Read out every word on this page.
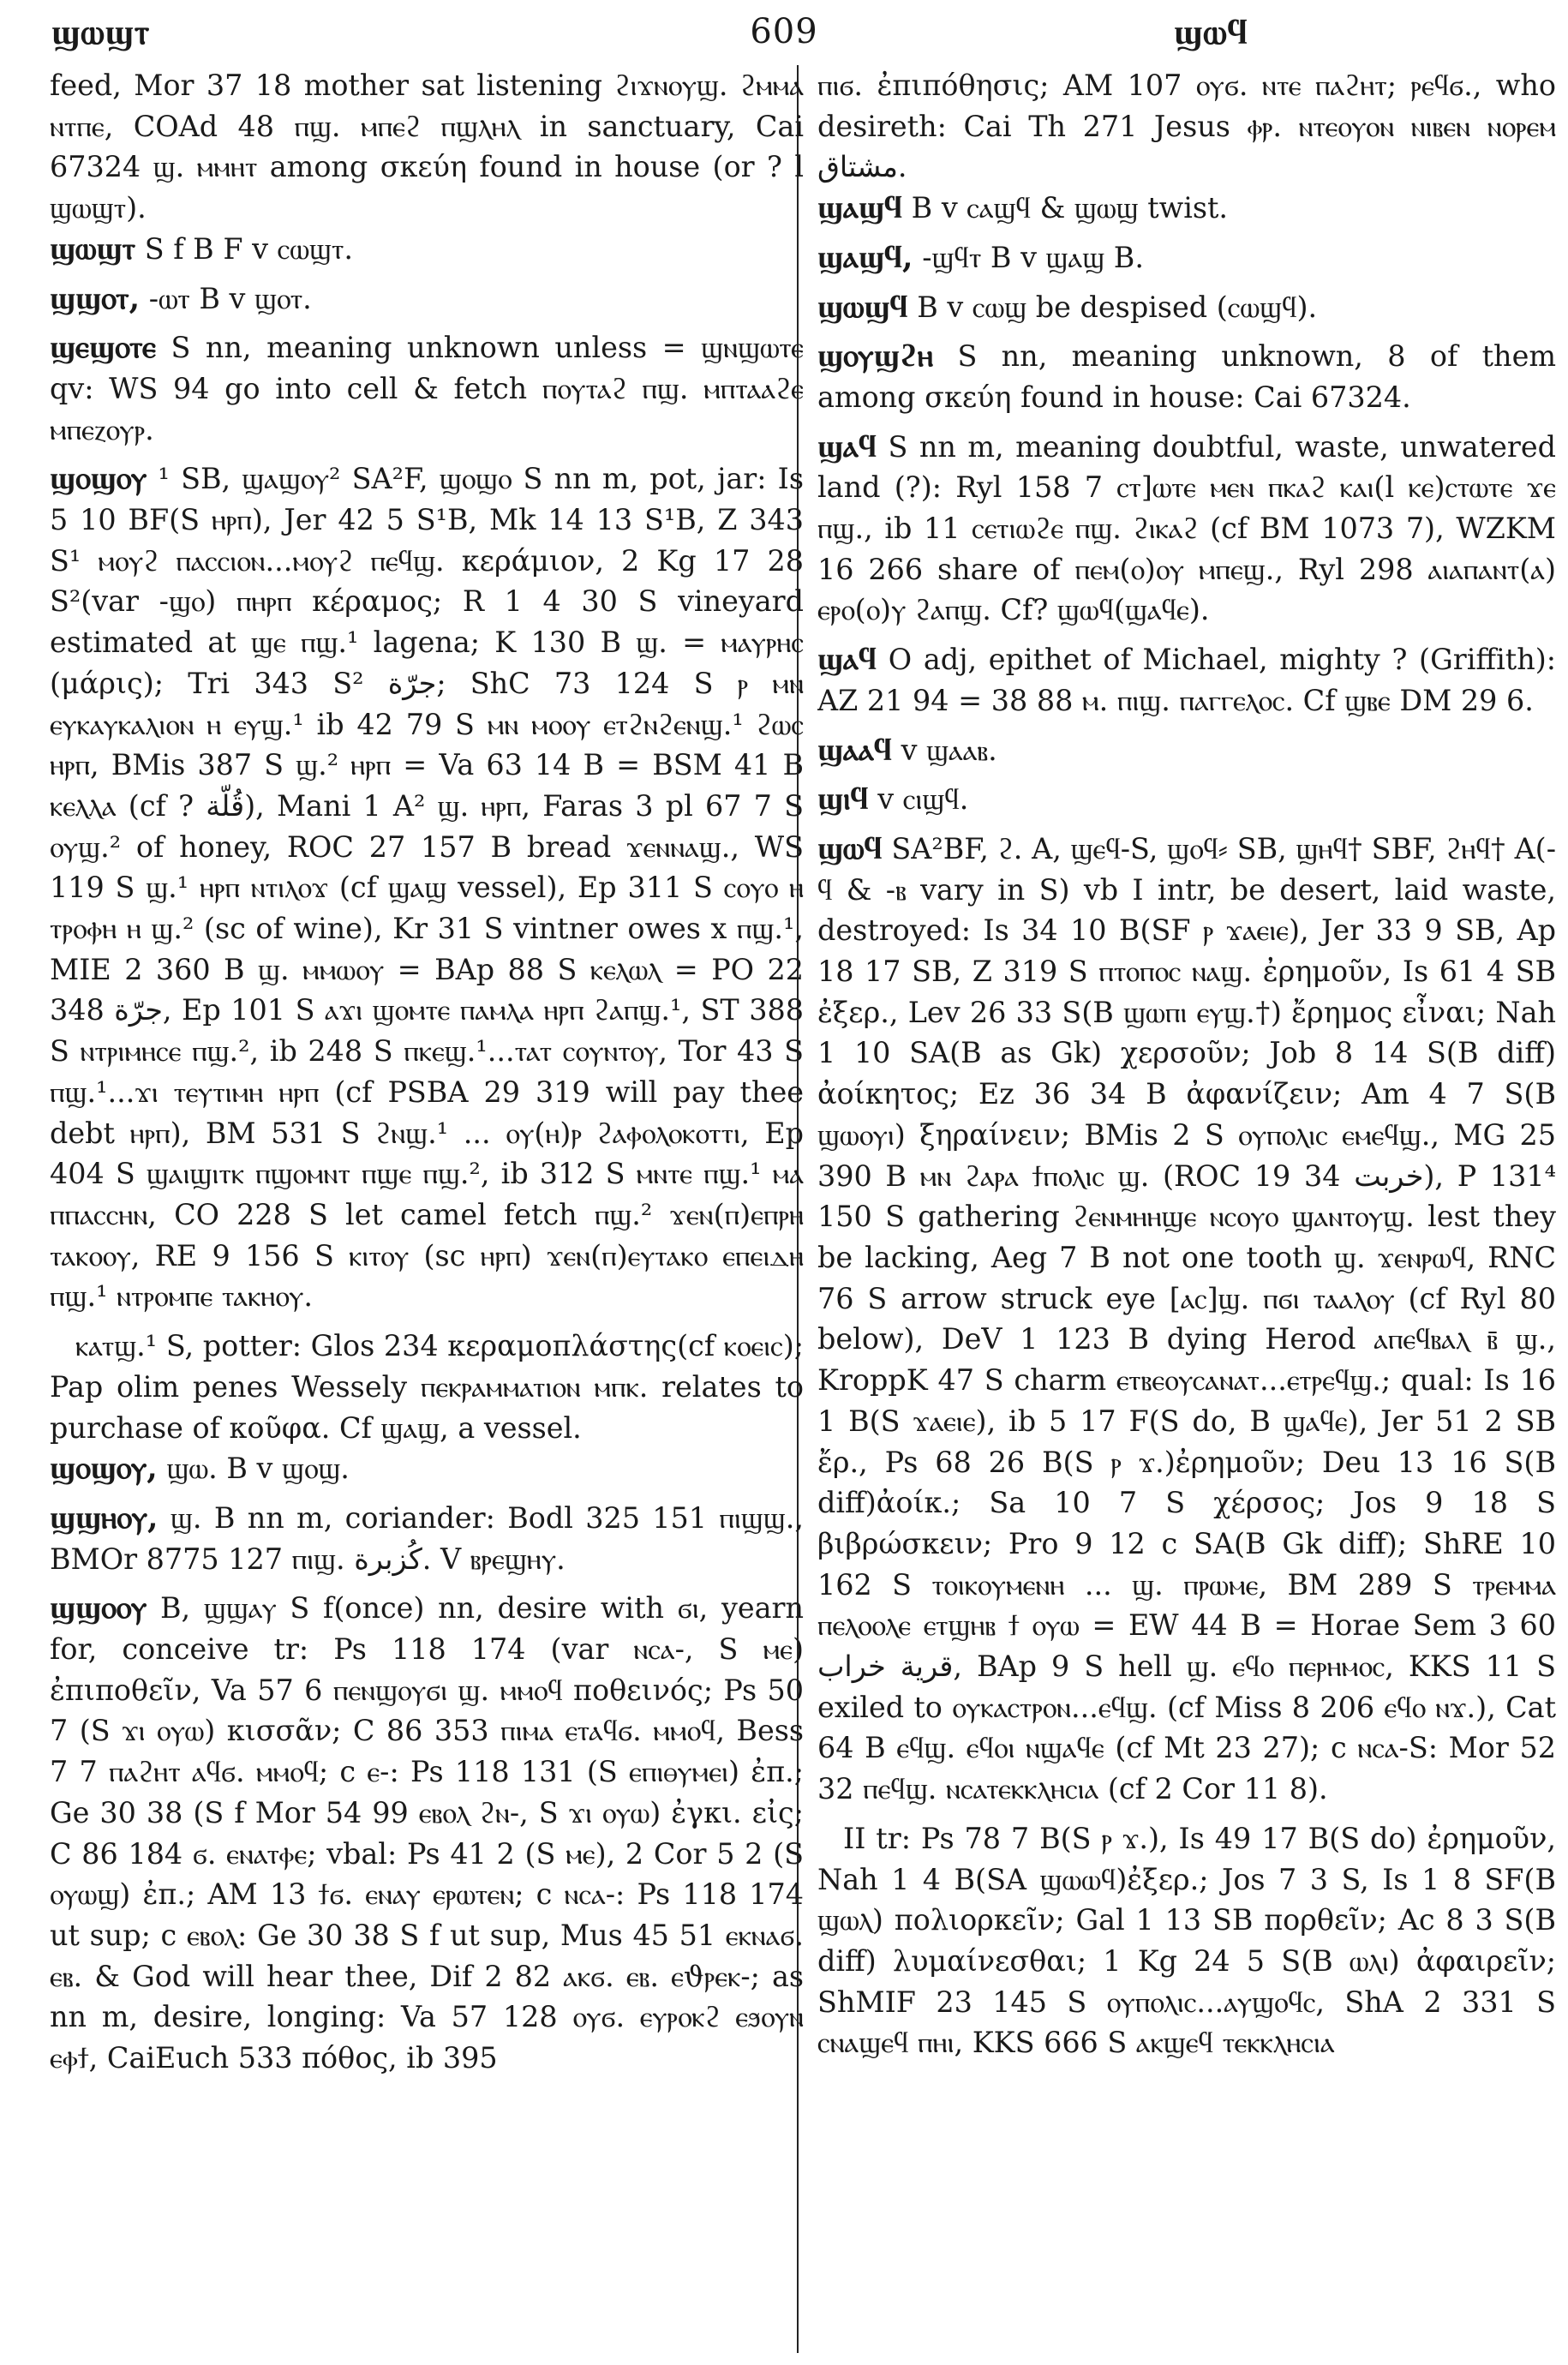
ϣⲱϣⲧ	609	ϣⲱϥ

feed, Mor 37 18 mother sat listening ϩⲓϫⲛⲟⲩϣ. ϩⲙⲙⲁ ⲛⲧⲡⲉ, COAd 48 ⲡϣ. ⲙⲡⲉϩ ⲡϣⲗⲏⲗ in sanctuary, Cai 67324 ϣ. ⲙⲙⲏⲧ among σκεύη found in house (or ? l ϣⲱϣⲧ).

ϣⲱϣⲧ S f B F v ⲥⲱϣⲧ.

ϣϣⲟⲧ, -ⲱⲧ B v ϣⲟⲧ.

ϣⲉϣⲟⲧⲉ S nn, meaning unknown unless = ϣⲛϣⲱⲧⲉ qv: WS 94 go into cell & fetch ⲡⲟⲩⲧⲁϩ ⲡϣ. ⲙⲡⲧⲁⲁϩⲉ ⲙⲡⲉⲍⲟⲩⲣ.

ϣⲟϣⲟⲩ ¹ SB, ϣⲁϣⲟⲩ² SA²F, ϣⲟϣⲟ S nn m, pot, jar: Is 5 10 BF(S ⲏⲣⲡ), Jer 42 5 S¹B, Mk 14 13 S¹B, Z 343 S¹ ⲙⲟⲩϩ ⲡⲁⲥⲥⲓⲟⲛ...ⲙⲟⲩϩ ⲡⲉϥϣ. κεράμιον, 2 Kg 17 28 S²(var -ϣⲟ) ⲡⲏⲣⲡ κέραμος; R 1 4 30 S vineyard estimated at ϣⲉ ⲡϣ.¹ lagena; K 130 B ϣ. = ⲙⲁⲩⲣⲏⲥ (μάρις); Tri 343 S² ﺟﺮّﺓ; ShC 73 124 S ⲣ ⲙⲛ ⲉⲩⲕⲁⲩⲕⲁⲗⲓⲟⲛ ⲏ ⲉⲩϣ.¹ ib 42 79 S ⲙⲛ ⲙⲟⲟⲩ ⲉⲧϩⲛϩⲉⲛϣ.¹ ϩⲱⲥ ⲏⲣⲡ, BMis 387 S ϣ.² ⲏⲣⲡ = Va 63 14 B = BSM 41 B ⲕⲉⲗⲗⲁ (cf ? ﻗُﻠّﺔ), Mani 1 A² ϣ. ⲏⲣⲡ, Faras 3 pl 67 7 S ⲟⲩϣ.² of honey, ROC 27 157 B bread ϫⲉⲛⲛⲁϣ., WS 119 S ϣ.¹ ⲏⲣⲡ ⲛⲧⲓⲗⲟϫ (cf ϣⲁϣ vessel), Ep 311 S ⲥⲟⲩⲟ ⲏ ⲧⲣⲟⲫⲏ ⲏ ϣ.² (sc of wine), Kr 31 S vintner owes x ⲡϣ.¹, MIE 2 360 B ϣ. ⲙⲙⲱⲟⲩ = BAp 88 S ⲕⲉⲗⲱⲗ = PO 22 348 ﺟﺮّﺓ, Ep 101 S ⲁϫⲓ ϣⲟⲙⲧⲉ ⲡⲁⲙⲗⲁ ⲏⲣⲡ ϩⲁⲡϣ.¹, ST 388 S ⲛⲧⲣⲓⲙⲏⲥⲉ ⲡϣ.², ib 248 S ⲡⲕⲉϣ.¹...ⲧⲁⲧ ⲥⲟⲩⲛⲧⲟⲩ, Tor 43 S ⲡϣ.¹...ϫⲓ ⲧⲉⲩⲧⲓⲙⲏ ⲏⲣⲡ (cf PSBA 29 319 will pay thee debt ⲏⲣⲡ), BM 531 S ϩⲛϣ.¹ ... ⲟⲩ(ⲏ)ⲣ ϩⲁⲫⲟⲗⲟⲕⲟⲧⲧⲓ, Ep 404 S ϣⲁⲓϣⲓⲧⲕ ⲡϣⲟⲙⲛⲧ ⲡϣⲉ ⲡϣ.², ib 312 S ⲙⲛⲧⲉ ⲡϣ.¹ ⲙⲁ ⲡⲡⲁⲥⲥⲏⲛ, CO 228 S let camel fetch ⲡϣ.² ϫⲉⲛ(ⲡ)ⲉⲡⲣⲏ ⲧⲁⲕⲟⲟⲩ, RE 9 156 S ⲕⲓⲧⲟⲩ (sc ⲏⲣⲡ) ϫⲉⲛ(ⲡ)ⲉⲩⲧⲁⲕⲟ ⲉⲡⲉⲓⲇⲏ ⲡϣ.¹ ⲛⲧⲣⲟⲙⲡⲉ ⲧⲁⲕⲏⲟⲩ.

ⲕⲁⲧϣ.¹ S, potter: Glos 234 κεραμοπλάστης(cf ⲕⲟⲉⲓⲥ); Pap olim penes Wessely ⲡⲉⲕⲣⲁⲙⲙⲁⲧⲓⲟⲛ ⲙⲡⲕ. relates to purchase of κοῦφα. Cf ϣⲁϣ, a vessel.

ϣⲟϣⲟⲩ, ϣⲱ. B v ϣⲟϣ.

ϣϣⲏⲟⲩ, ϣ. B nn m, coriander: Bodl 325 151 ⲡⲓϣϣ., BMOr 8775 127 ⲡⲓϣ. ﻛُﺰﺑﺮﺓ. V ⲃⲣⲉϣⲏⲩ.

ϣϣⲟⲟⲩ B, ϣϣⲁⲩ S f(once) nn, desire with ϭⲓ, yearn for, conceive tr: Ps 118 174 (var ⲛⲥⲁ-, S ⲙⲉ) ἐπιποθεῖν, Va 57 6 ⲡⲉⲛϣⲟⲩϭⲓ ϣ. ⲙⲙⲟϥ ποθεινός; Ps 50 7 (S ϫⲓ ⲟⲩⲱ) κισσᾶν; C 86 353 ⲡⲓⲙⲁ ⲉⲧⲁϥϭ. ⲙⲙⲟϥ, Bess 7 7 ⲡⲁϩⲏⲧ ⲁϥϭ. ⲙⲙⲟϥ; c ⲉ-: Ps 118 131 (S ⲉⲡⲓⲑⲩⲙⲉⲓ) ἐπ.; Ge 30 38 (S f Mor 54 99 ⲉⲃⲟⲗ ϩⲛ-, S ϫⲓ ⲟⲩⲱ) ἐγκι. εἰς; C 86 184 ϭ. ⲉⲛⲁⲧⲫⲉ; vbal: Ps 41 2 (S ⲙⲉ), 2 Cor 5 2 (S ⲟⲩⲱϣ) ἐπ.; AM 13 ϯϭ. ⲉⲛⲁⲩ ⲉⲣⲱⲧⲉⲛ; c ⲛⲥⲁ-: Ps 118 174 ut sup; c ⲉⲃⲟⲗ: Ge 30 38 S f ut sup, Mus 45 51 ⲉⲕⲛⲁϭ. ⲉⲃ. & God will hear thee, Dif 2 82 ⲁⲕϭ. ⲉⲃ. ⲉϑⲣⲉⲕ-; as nn m, desire, longing: Va 57 128 ⲟⲩϭ. ⲉⲩⲣⲟⲕϩ ⲉϧⲟⲩⲛ ⲉⲫϯ, CaiEuch 533 πόθος, ib 395

ⲡⲓϭ. ἐπιπόθησις; AM 107 ⲟⲩϭ. ⲛⲧⲉ ⲡⲁϩⲏⲧ; ⲣⲉϥϭ., who desireth: Cai Th 271 Jesus ⲫⲣ. ⲛⲧⲉⲟⲩⲟⲛ ⲛⲓⲃⲉⲛ ⲛⲟⲣⲉⲙ ﻣﺸﺘﺎق.

ϣⲁϣϥ B v ⲥⲁϣϥ & ϣⲱϣ twist.

ϣⲁϣϥ, -ϣϥⲧ B v ϣⲁϣ B.

ϣⲱϣϥ B v ⲥⲱϣ be despised (ⲥⲱϣϥ).

ϣⲟⲩϣϩⲏ S nn, meaning unknown, 8 of them among σκεύη found in house: Cai 67324.

ϣⲁϥ S nn m, meaning doubtful, waste, unwatered land (?): Ryl 158 7 ⲥⲧ]ⲱⲧⲉ ⲙⲉⲛ ⲡⲕⲁϩ ⲕⲁⲓ(l ⲕⲉ)ⲥⲧⲱⲧⲉ ϫⲉ ⲡϣ., ib 11 ⲥⲉⲧⲓⲱϩⲉ ⲡϣ. ϩⲓⲕⲁϩ (cf BM 1073 7), WZKM 16 266 share of ⲡⲉⲙ(ⲟ)ⲟⲩ ⲙⲡⲉϣ., Ryl 298 ⲁⲓⲁⲡⲁⲛⲧ(ⲁ) ⲉⲣⲟ(ⲟ)ⲩ ϩⲁⲡϣ. Cf? ϣⲱϥ(ϣⲁϥⲉ).

ϣⲁϥ O adj, epithet of Michael, mighty ? (Griffith): AZ 21 94 = 38 88 ⲙ. ⲡⲓϣ. ⲡⲁⲅⲅⲉⲗⲟⲥ. Cf ϣⲃⲉ DM 29 6.

ϣⲁⲁϥ v ϣⲁⲁⲃ.

ϣⲓϥ v ⲥⲓϣϥ.

ϣⲱϥ SA²BF, ϩ. A, ϣⲉϥ-S, ϣⲟϥ⸗ SB, ϣⲏϥ† SBF, ϩⲏϥ† A(-ϥ & -ⲃ vary in S) vb I intr, be desert, laid waste, destroyed: Is 34 10 B(SF ⲣ ϫⲁⲉⲓⲉ), Jer 33 9 SB, Ap 18 17 SB, Z 319 S ⲡⲧⲟⲡⲟⲥ ⲛⲁϣ. ἐρημοῦν, Is 61 4 SB ἐξερ., Lev 26 33 S(B ϣⲱⲡⲓ ⲉⲩϣ.†) ἔρημος εἶναι; Nah 1 10 SA(B as Gk) χερσοῦν; Job 8 14 S(B diff) ἀοίκητος; Ez 36 34 B ἀφανίζειν; Am 4 7 S(B ϣⲱⲟⲩⲓ) ξηραίνειν; BMis 2 S ⲟⲩⲡⲟⲗⲓⲥ ⲉⲙⲉϥϣ., MG 25 390 B ⲙⲛ ϩⲁⲣⲁ ϯⲡⲟⲗⲓⲥ ϣ. (ROC 19 34 ﺧﺮﺑﺖ), P 131⁴ 150 S gathering ϩⲉⲛⲙⲏⲏϣⲉ ⲛⲥⲟⲩⲟ ϣⲁⲛⲧⲟⲩϣ. lest they be lacking, Aeg 7 B not one tooth ϣ. ϫⲉⲛⲣⲱϥ, RNC 76 S arrow struck eye [ⲁⲥ]ϣ. ⲡϭⲓ ⲧⲁⲁⲗⲟⲩ (cf Ryl 80 below), DeV 1 123 B dying Herod ⲁⲡⲉϥⲃⲁⲗ ⲃ̄ ϣ., KroppK 47 S charm ⲉⲧⲃⲉⲟⲩⲥⲁⲛⲁⲧ...ⲉⲧⲣⲉϥϣ.; qual: Is 16 1 B(S ϫⲁⲉⲓⲉ), ib 5 17 F(S do, B ϣⲁϥⲉ), Jer 51 2 SB ἔρ., Ps 68 26 B(S ⲣ ϫ.)ἐρημοῦν; Deu 13 16 S(B diff)ἀοίκ.; Sa 10 7 S χέρσος; Jos 9 18 S βιβρώσκειν; Pro 9 12 c SA(B Gk diff); ShRE 10 162 S ⲧⲟⲓⲕⲟⲩⲙⲉⲛⲏ ... ϣ. ⲡⲣⲱⲙⲉ, BM 289 S ⲧⲣⲉⲙⲙⲁ ⲡⲉⲗⲟⲟⲗⲉ ⲉⲧϣⲏⲃ ϯ ⲟⲩⲱ = EW 44 B = Horae Sem 3 60 ﻗﺮﻳﺔ ﺧﺮﺍﺏ, BAp 9 S hell ϣ. ⲉϥⲟ ⲡⲉⲣⲏⲙⲟⲥ, KKS 11 S exiled to ⲟⲩⲕⲁⲥⲧⲣⲟⲛ...ⲉϥϣ. (cf Miss 8 206 ⲉϥⲟ ⲛϫ.), Cat 64 B ⲉϥϣ. ⲉϥⲟⲓ ⲛϣⲁϥⲉ (cf Mt 23 27); c ⲛⲥⲁ-S: Mor 52 32 ⲡⲉϥϣ. ⲛⲥⲁⲧⲉⲕⲕⲗⲏⲥⲓⲁ (cf 2 Cor 11 8).

II tr: Ps 78 7 B(S ⲣ ϫ.), Is 49 17 B(S do) ἐρημοῦν, Nah 1 4 B(SA ϣⲱⲱϥ)ἐξερ.; Jos 7 3 S, Is 1 8 SF(B ϣⲱⲗ) πολιορκεῖν; Gal 1 13 SB πορθεῖν; Ac 8 3 S(B diff) λυμαίνεσθαι; 1 Kg 24 5 S(B ⲱⲗⲓ) ἀφαιρεῖν; ShMIF 23 145 S ⲟⲩⲡⲟⲗⲓⲥ...ⲁⲩϣⲟϥⲥ, ShA 2 331 S ⲥⲛⲁϣⲉϥ ⲡⲏⲓ, KKS 666 S ⲁⲕϣⲉϥ ⲧⲉⲕⲕⲗⲏⲥⲓⲁ
